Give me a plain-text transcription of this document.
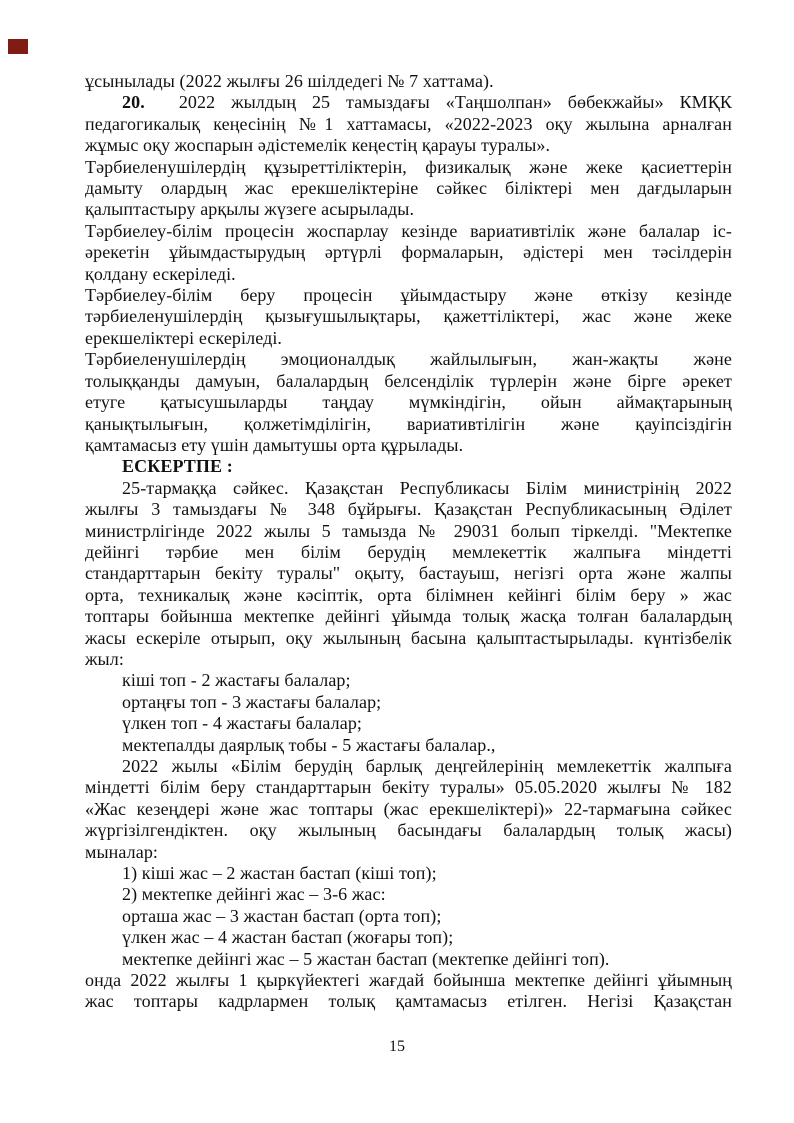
ұсынылады (2022 жылғы 26 шілдедегі № 7 хаттама).
20. 2022 жылдың 25 тамыздағы «Таңшолпан» бөбекжайы» КМҚК
педагогикалық кеңесінің №1 хаттамасы, «2022-2023 оқу жылына арналған
жұмыс оқу жоспарын әдістемелік кеңестің қарауы туралы».
Тәрбиеленушілердің құзыреттіліктерін, физикалық және жеке қасиеттерін
дамыту олардың жас ерекшеліктеріне сәйкес біліктері мен дағдыларын
қалыптастыру арқылы жүзеге асырылады.
Тәрбиелеу-білім процесін жоспарлау кезінде вариативтілік және балалар іс-
әрекетін ұйымдастырудың әртүрлі формаларын, әдістері мен тәсілдерін
қолдану ескеріледі.
Тәрбиелеу-білім беру процесін ұйымдастыру және өткізу кезінде
тәрбиеленушілердің қызығушылықтары, қажеттіліктері, жас және жеке
ерекшеліктері ескеріледі.
Тәрбиеленушілердің эмоционалдық жайлылығын, жан-жақты және
толыққанды дамуын, балалардың белсенділік түрлерін және бірге әрекет
етуге қатысушыларды таңдау мүмкіндігін, ойын аймақтарының
қанықтылығын, қолжетімділігін, вариативтілігін және қауіпсіздігін
қамтамасыз ету үшін дамытушы орта құрылады.
ЕСКЕРТПЕ :
25-тармаққа сәйкес. Қазақстан Республикасы Білім министрінің 2022
жылғы 3 тамыздағы № 348 бұйрығы. Қазақстан Республикасының Әділет
министрлігінде 2022 жылы 5 тамызда № 29031 болып тіркелді. "Мектепке
дейінгі тәрбие мен білім берудің мемлекеттік жалпыға міндетті
стандарттарын бекіту туралы" оқыту, бастауыш, негізгі орта және жалпы
орта, техникалық және кәсіптік, орта білімнен кейінгі білім беру » жас
топтары бойынша мектепке дейінгі ұйымда толық жасқа толған балалардың
жасы ескеріле отырып, оқу жылының басына қалыптастырылады. күнтізбелік
жыл:
кіші топ - 2 жастағы балалар;
ортаңғы топ - 3 жастағы балалар;
үлкен топ - 4 жастағы балалар;
мектепалды даярлық тобы - 5 жастағы балалар.,
2022 жылы «Білім берудің барлық деңгейлерінің мемлекеттік жалпыға
міндетті білім беру стандарттарын бекіту туралы» 05.05.2020 жылғы № 182
«Жас кезеңдері және жас топтары (жас ерекшеліктері)» 22-тармағына сәйкес
жүргізілгендіктен. оқу жылының басындағы балалардың толық жасы)
мыналар:
1) кіші жас – 2 жастан бастап (кіші топ);
2) мектепке дейінгі жас – 3-6 жас:
орташа жас – 3 жастан бастап (орта топ);
үлкен жас – 4 жастан бастап (жоғары топ);
мектепке дейінгі жас – 5 жастан бастап (мектепке дейінгі топ).
онда 2022 жылғы 1 қыркүйектегі жағдай бойынша мектепке дейінгі ұйымның
жас топтары кадрлармен толық қамтамасыз етілген. Негізі Қазақстан
15
